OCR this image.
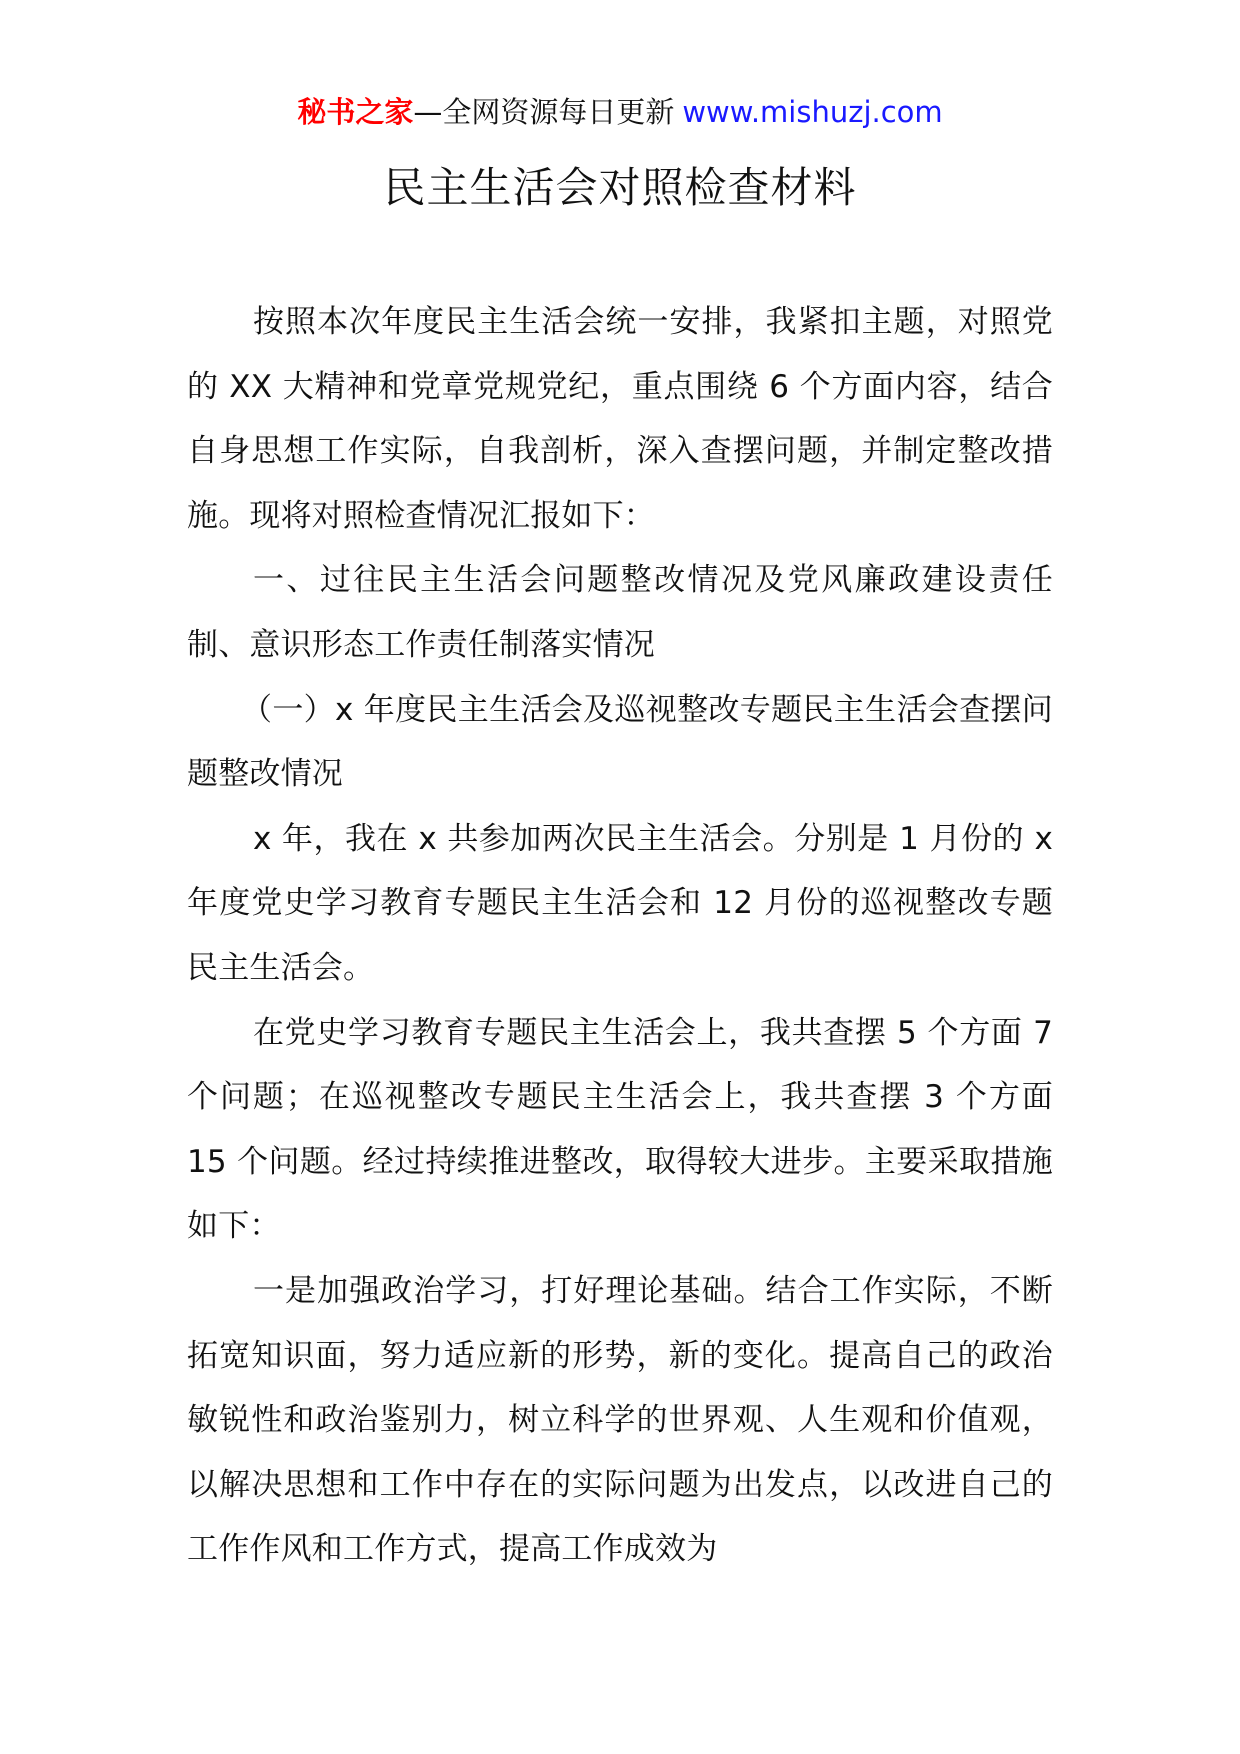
秘书之家—全网资源每日更新 www.mishuzj.com
民主生活会对照检查材料

按照本次年度民主生活会统一安排，我紧扣主题，对照党的 XX 大精神和党章党规党纪，重点围绕 6 个方面内容，结合自身思想工作实际，自我剖析，深入查摆问题，并制定整改措施。现将对照检查情况汇报如下：

一、过往民主生活会问题整改情况及党风廉政建设责任制、意识形态工作责任制落实情况

（一）x 年度民主生活会及巡视整改专题民主生活会查摆问题整改情况

x 年，我在 x 共参加两次民主生活会。分别是 1 月份的 x 年度党史学习教育专题民主生活会和 12 月份的巡视整改专题民主生活会。

在党史学习教育专题民主生活会上，我共查摆 5 个方面 7 个问题；在巡视整改专题民主生活会上，我共查摆 3 个方面 15 个问题。经过持续推进整改，取得较大进步。主要采取措施如下：

一是加强政治学习，打好理论基础。结合工作实际，不断拓宽知识面，努力适应新的形势，新的变化。提高自己的政治敏锐性和政治鉴别力，树立科学的世界观、人生观和价值观，以解决思想和工作中存在的实际问题为出发点，以改进自己的工作作风和工作方式，提高工作成效为
